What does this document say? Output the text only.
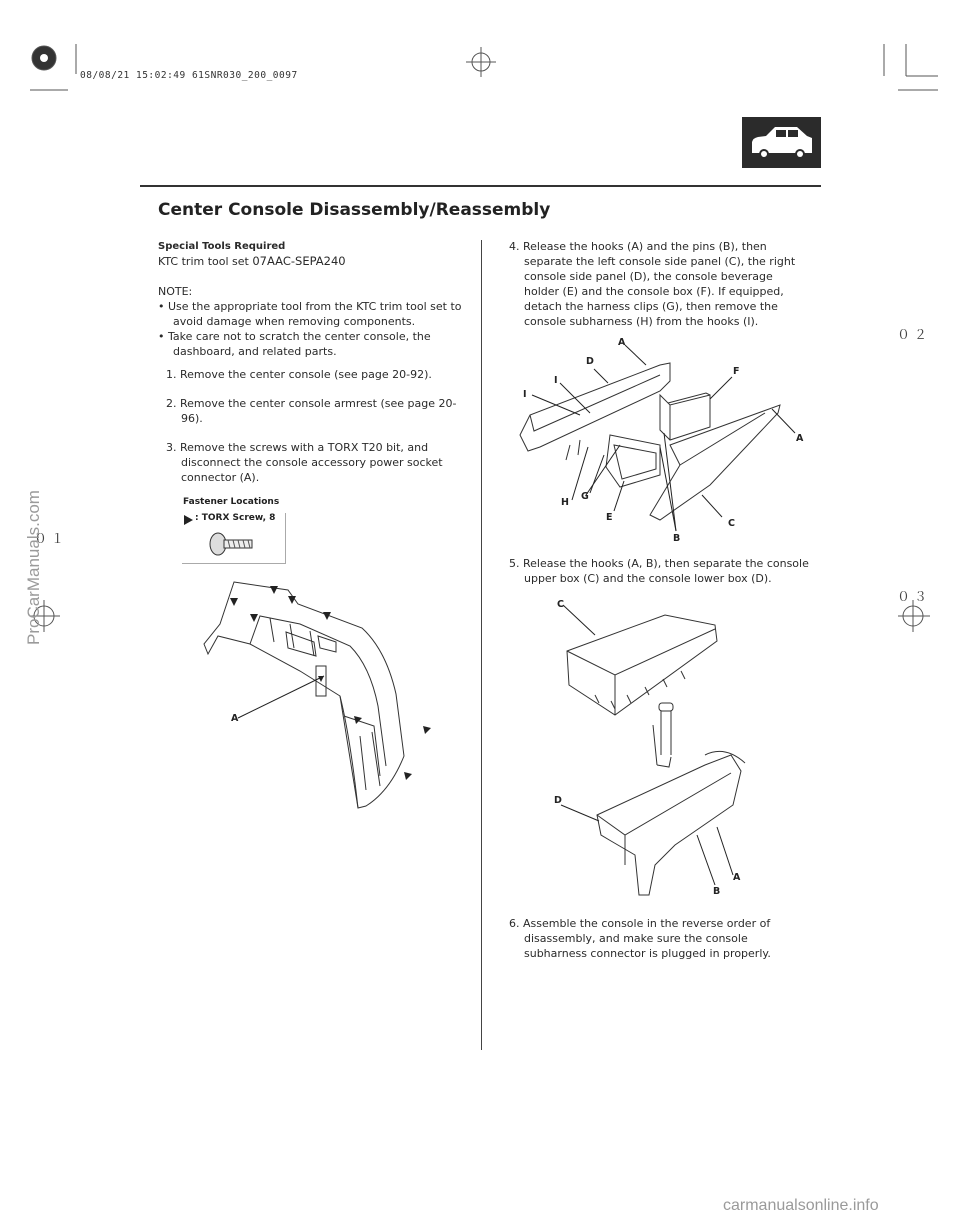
08/08/21 15:02:49 61SNR030_200_0097
Center Console Disassembly/Reassembly
Special Tools Required
KTC trim tool set 07AAC-SEPA240
NOTE:
• Use the appropriate tool from the KTC trim tool set to avoid damage when removing components.
• Take care not to scratch the center console, the dashboard, and related parts.

1. Remove the center console (see page 20-92).

2. Remove the center console armrest (see page 20-96).

3. Remove the screws with a TORX T20 bit, and disconnect the console accessory power socket connector (A).

Fastener Locations
: TORX Screw, 8
A

4. Release the hooks (A) and the pins (B), then separate the left console side panel (C), the right console side panel (D), the console beverage holder (E) and the console box (F). If equipped, detach the harness clips (G), then remove the console subharness (H) from the hooks (I).

A
D
I
I
F
A
H
G
E
B
C

5. Release the hooks (A, B), then separate the console upper box (C) and the console lower box (D).

C
D
A
B

6. Assemble the console in the reverse order of disassembly, and make sure the console subharness connector is plugged in properly.

０２
０３
０１
ProCarManuals.com
carmanualsonline.info
